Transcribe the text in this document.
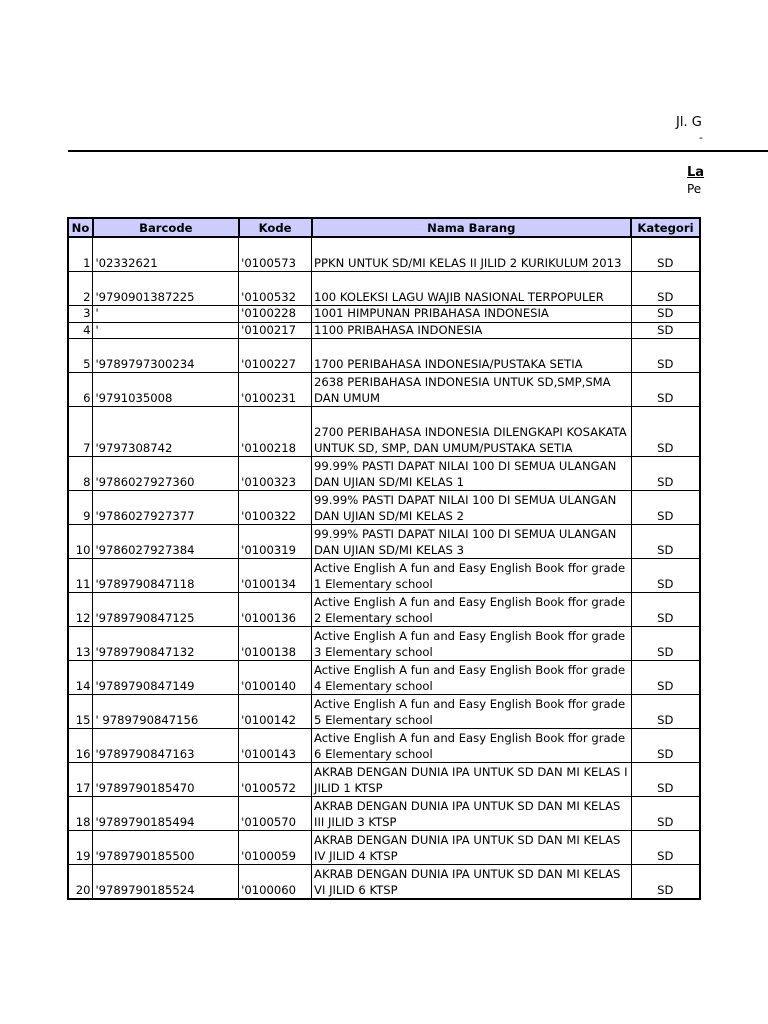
Jl. G
-
La
Pe
No	Barcode	Kode	Nama Barang	Kategori
1	'02332621	'0100573	PPKN UNTUK SD/MI KELAS II JILID 2 KURIKULUM 2013	SD
2	'9790901387225	'0100532	100 KOLEKSI LAGU WAJIB NASIONAL TERPOPULER	SD
3	'	'0100228	1001 HIMPUNAN PRIBAHASA INDONESIA	SD
4	'	'0100217	1100 PRIBAHASA INDONESIA	SD
5	'9789797300234	'0100227	1700 PERIBAHASA INDONESIA/PUSTAKA SETIA	SD
6	'9791035008	'0100231	2638 PERIBAHASA INDONESIA UNTUK SD,SMP,SMA DAN UMUM	SD
7	'9797308742	'0100218	2700 PERIBAHASA INDONESIA DILENGKAPI KOSAKATA UNTUK SD, SMP, DAN UMUM/PUSTAKA SETIA	SD
8	'9786027927360	'0100323	99.99% PASTI DAPAT NILAI 100 DI SEMUA ULANGAN DAN UJIAN SD/MI KELAS 1	SD
9	'9786027927377	'0100322	99.99% PASTI DAPAT NILAI 100 DI SEMUA ULANGAN DAN UJIAN SD/MI KELAS 2	SD
10	'9786027927384	'0100319	99.99% PASTI DAPAT NILAI 100 DI SEMUA ULANGAN DAN UJIAN SD/MI KELAS 3	SD
11	'9789790847118	'0100134	Active English A fun and Easy English Book ffor grade 1 Elementary school	SD
12	'9789790847125	'0100136	Active English A fun and Easy English Book ffor grade 2 Elementary school	SD
13	'9789790847132	'0100138	Active English A fun and Easy English Book ffor grade 3 Elementary school	SD
14	'9789790847149	'0100140	Active English A fun and Easy English Book ffor grade 4 Elementary school	SD
15	' 9789790847156	'0100142	Active English A fun and Easy English Book ffor grade 5 Elementary school	SD
16	'9789790847163	'0100143	Active English A fun and Easy English Book ffor grade 6 Elementary school	SD
17	'9789790185470	'0100572	AKRAB DENGAN DUNIA IPA UNTUK SD DAN MI KELAS I JILID 1 KTSP	SD
18	'9789790185494	'0100570	AKRAB DENGAN DUNIA IPA UNTUK SD DAN MI KELAS III JILID 3 KTSP	SD
19	'9789790185500	'0100059	AKRAB DENGAN DUNIA IPA UNTUK SD DAN MI KELAS IV JILID 4 KTSP	SD
20	'9789790185524	'0100060	AKRAB DENGAN DUNIA IPA UNTUK SD DAN MI KELAS VI JILID 6 KTSP	SD
